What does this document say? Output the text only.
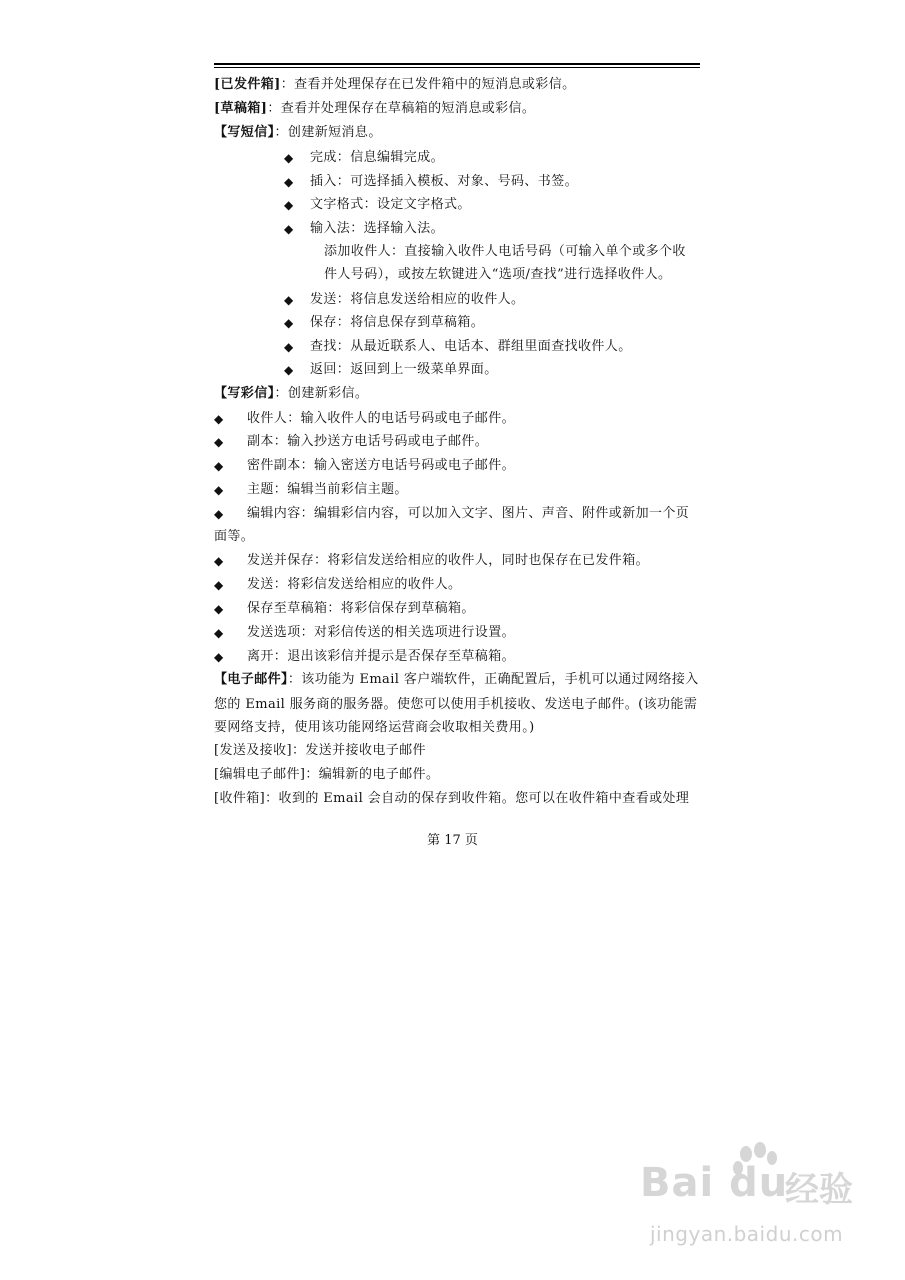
[已发件箱]：查看并处理保存在已发件箱中的短消息或彩信。
[草稿箱]：查看并处理保存在草稿箱的短消息或彩信。
【写短信】：创建新短消息。
◆ 完成：信息编辑完成。
◆ 插入：可选择插入模板、对象、号码、书签。
◆ 文字格式：设定文字格式。
◆ 输入法：选择输入法。
添加收件人：直接输入收件人电话号码（可输入单个或多个收
件人号码），或按左软键进入“选项/查找”进行选择收件人。
◆ 发送：将信息发送给相应的收件人。
◆ 保存：将信息保存到草稿箱。
◆ 查找：从最近联系人、电话本、群组里面查找收件人。
◆ 返回：返回到上一级菜单界面。
【写彩信】：创建新彩信。
◆ 收件人：输入收件人的电话号码或电子邮件。
◆ 副本：输入抄送方电话号码或电子邮件。
◆ 密件副本：输入密送方电话号码或电子邮件。
◆ 主题：编辑当前彩信主题。
◆ 编辑内容：编辑彩信内容，可以加入文字、图片、声音、附件或新加一个页
面等。
◆ 发送并保存：将彩信发送给相应的收件人，同时也保存在已发件箱。
◆ 发送：将彩信发送给相应的收件人。
◆ 保存至草稿箱：将彩信保存到草稿箱。
◆ 发送选项：对彩信传送的相关选项进行设置。
◆ 离开：退出该彩信并提示是否保存至草稿箱。
【电子邮件】：该功能为 Email 客户端软件，正确配置后，手机可以通过网络接入
您的 Email 服务商的服务器。使您可以使用手机接收、发送电子邮件。(该功能需
要网络支持，使用该功能网络运营商会收取相关费用。)
[发送及接收]：发送并接收电子邮件
[编辑电子邮件]：编辑新的电子邮件。
[收件箱]：收到的 Email 会自动的保存到收件箱。您可以在收件箱中查看或处理
第 17 页
Bai du
经验
jingyan.baidu.com
